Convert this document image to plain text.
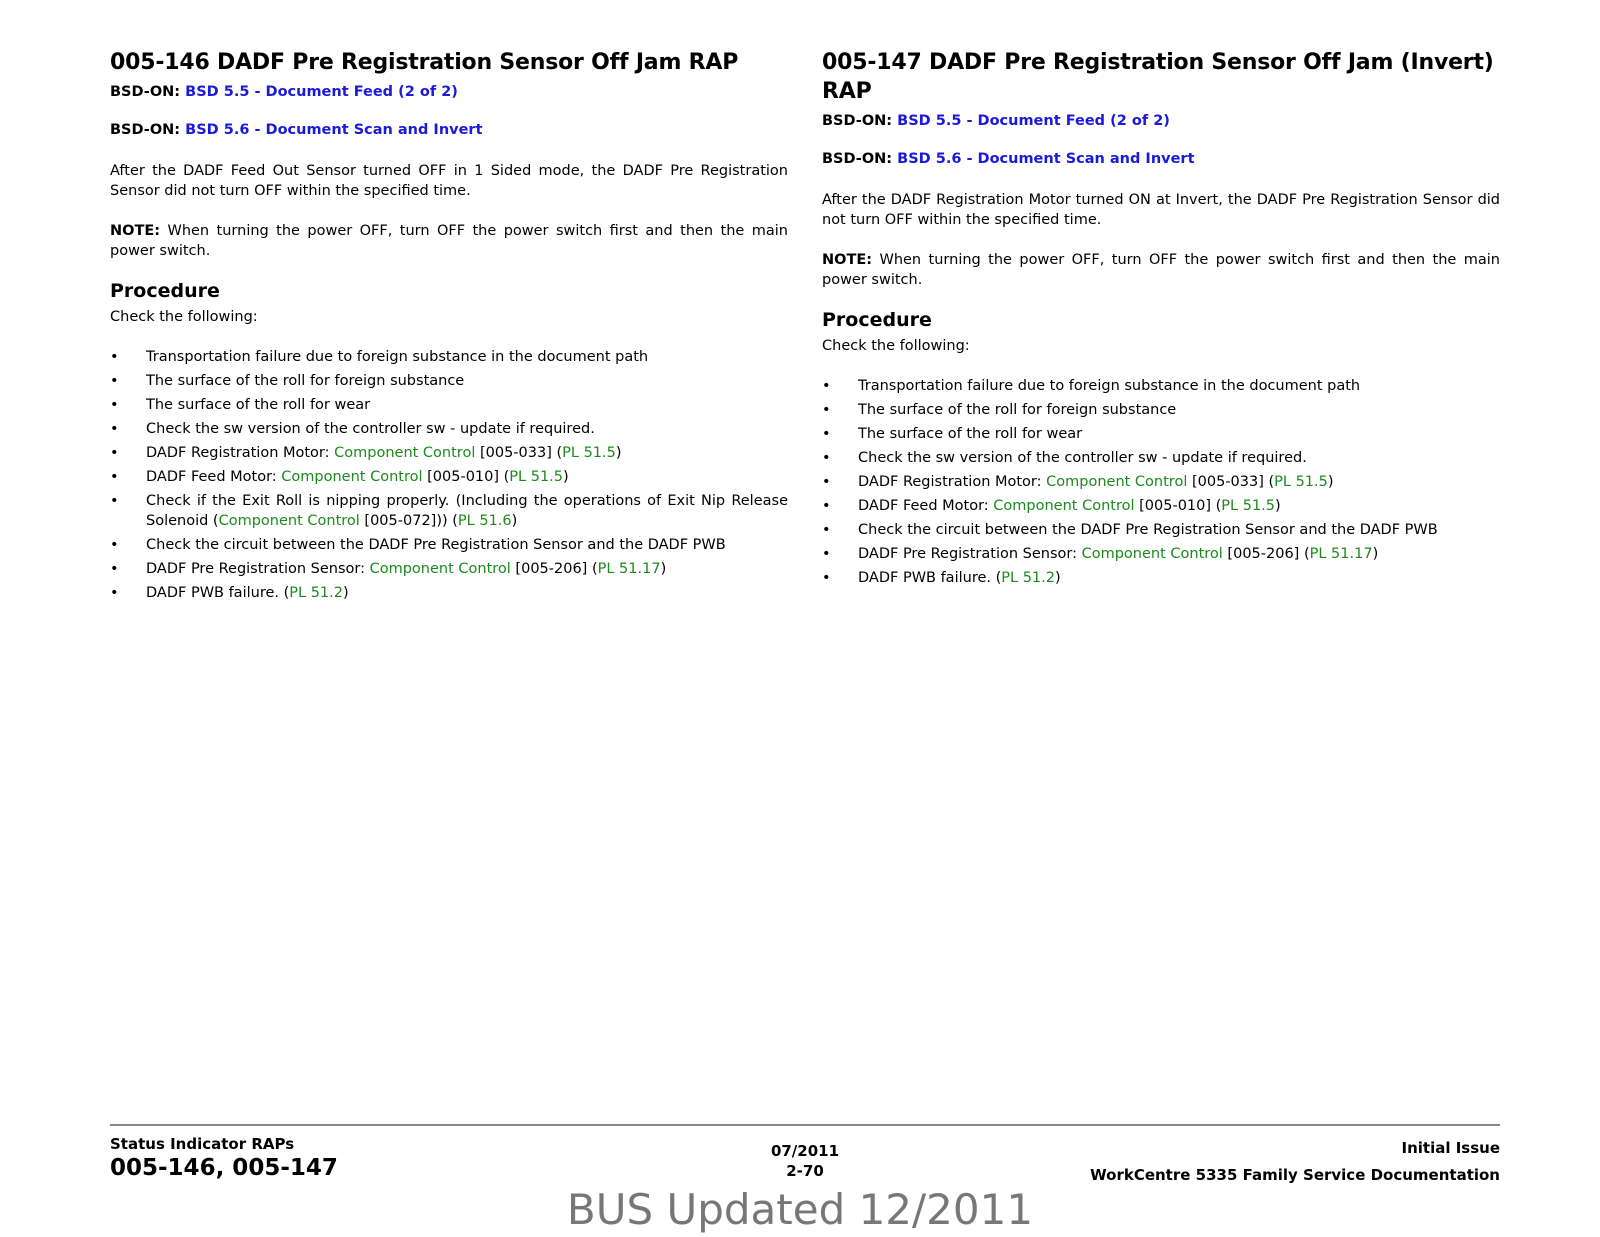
005-146 DADF Pre Registration Sensor Off Jam RAP
BSD-ON: BSD 5.5 - Document Feed (2 of 2)
BSD-ON: BSD 5.6 - Document Scan and Invert

After the DADF Feed Out Sensor turned OFF in 1 Sided mode, the DADF Pre Registration Sensor did not turn OFF within the specified time.

NOTE: When turning the power OFF, turn OFF the power switch first and then the main power switch.

Procedure

Check the following:

• Transportation failure due to foreign substance in the document path
• The surface of the roll for foreign substance
• The surface of the roll for wear
• Check the sw version of the controller sw - update if required.
• DADF Registration Motor: Component Control [005-033] (PL 51.5)
• DADF Feed Motor: Component Control [005-010] (PL 51.5)
• Check if the Exit Roll is nipping properly. (Including the operations of Exit Nip Release Solenoid (Component Control [005-072])) (PL 51.6)
• Check the circuit between the DADF Pre Registration Sensor and the DADF PWB
• DADF Pre Registration Sensor: Component Control [005-206] (PL 51.17)
• DADF PWB failure. (PL 51.2)
005-147 DADF Pre Registration Sensor Off Jam (Invert) RAP
BSD-ON: BSD 5.5 - Document Feed (2 of 2)
BSD-ON: BSD 5.6 - Document Scan and Invert

After the DADF Registration Motor turned ON at Invert, the DADF Pre Registration Sensor did not turn OFF within the specified time.

NOTE: When turning the power OFF, turn OFF the power switch first and then the main power switch.

Procedure

Check the following:

• Transportation failure due to foreign substance in the document path
• The surface of the roll for foreign substance
• The surface of the roll for wear
• Check the sw version of the controller sw - update if required.
• DADF Registration Motor: Component Control [005-033] (PL 51.5)
• DADF Feed Motor: Component Control [005-010] (PL 51.5)
• Check the circuit between the DADF Pre Registration Sensor and the DADF PWB
• DADF Pre Registration Sensor: Component Control [005-206] (PL 51.17)
• DADF PWB failure. (PL 51.2)
Status Indicator RAPs
005-146, 005-147
07/2011
2-70
Initial Issue
WorkCentre 5335 Family Service Documentation
BUS Updated 12/2011
